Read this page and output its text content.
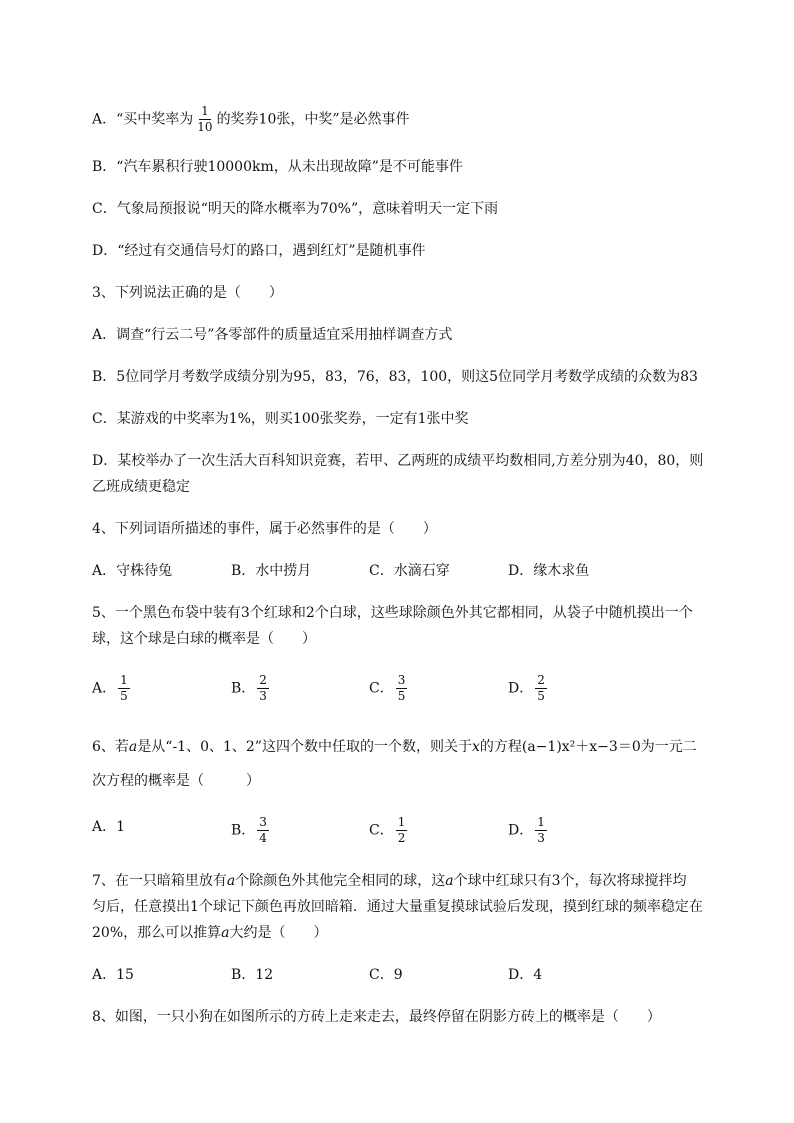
A．“买中奖率为 $\frac{1}{10}$ 的奖券10张，中奖”是必然事件
B．“汽车累积行驶10000km，从未出现故障”是不可能事件
C．气象局预报说“明天的降水概率为70%”，意味着明天一定下雨
D．“经过有交通信号灯的路口，遇到红灯”是随机事件
3、下列说法正确的是（　　）
A．调查“行云二号”各零部件的质量适宜采用抽样调查方式
B．5位同学月考数学成绩分别为95，83，76，83，100，则这5位同学月考数学成绩的众数为83
C．某游戏的中奖率为1%，则买100张奖券，一定有1张中奖
D．某校举办了一次生活大百科知识竞赛，若甲、乙两班的成绩平均数相同,方差分别为40，80，则
乙班成绩更稳定
4、下列词语所描述的事件，属于必然事件的是（　　）
A．守株待兔	B．水中捞月	C．水滴石穿	D．缘木求鱼
5、一个黑色布袋中装有3个红球和2个白球，这些球除颜色外其它都相同，从袋子中随机摸出一个
球，这个球是白球的概率是（　　）
A． $\frac{1}{5}$	B． $\frac{2}{3}$	C． $\frac{3}{5}$	D． $\frac{2}{5}$
6、若a是从“-1、0、1、2”这四个数中任取的一个数，则关于x的方程(a−1)x²＋x−3＝0为一元二
次方程的概率是（　　　）
A．1	B． $\frac{3}{4}$	C． $\frac{1}{2}$	D． $\frac{1}{3}$
7、在一只暗箱里放有a个除颜色外其他完全相同的球，这a个球中红球只有3个，每次将球搅拌均
匀后，任意摸出1个球记下颜色再放回暗箱．通过大量重复摸球试验后发现，摸到红球的频率稳定在
20%，那么可以推算a大约是（　　）
A．15	B．12	C．9	D．4
8、如图，一只小狗在如图所示的方砖上走来走去，最终停留在阴影方砖上的概率是（　　）
